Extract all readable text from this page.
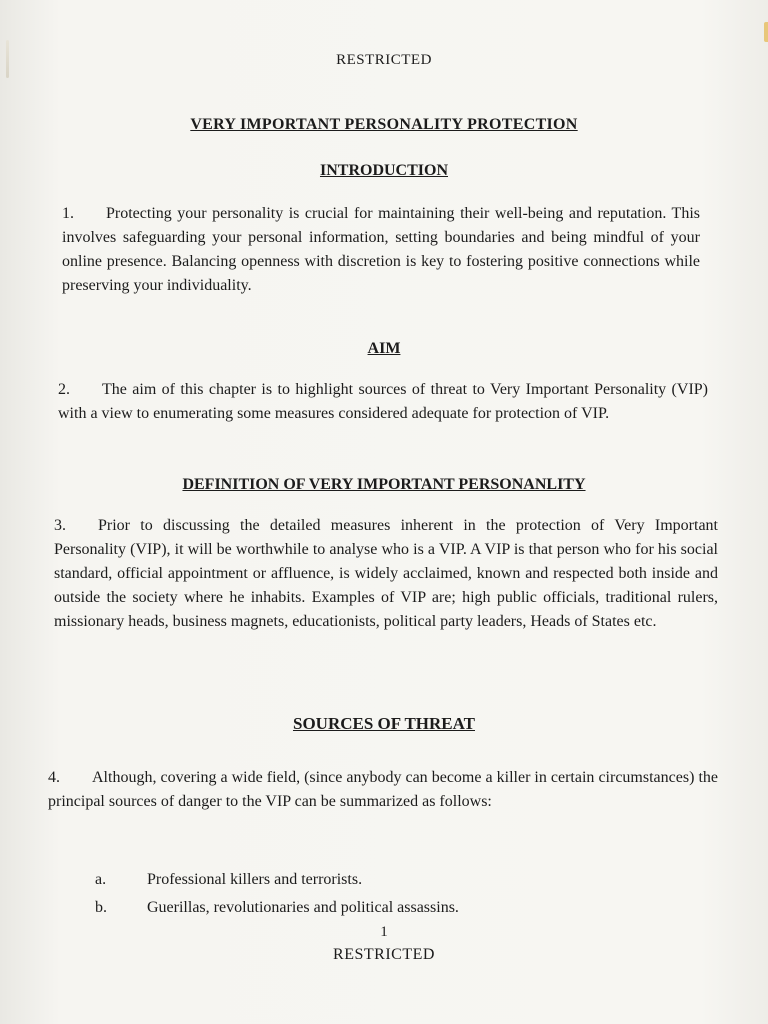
RESTRICTED
VERY IMPORTANT PERSONALITY PROTECTION
INTRODUCTION

1. Protecting your personality is crucial for maintaining their well-being and reputation. This involves safeguarding your personal information, setting boundaries and being mindful of your online presence. Balancing openness with discretion is key to fostering positive connections while preserving your individuality.

AIM

2. The aim of this chapter is to highlight sources of threat to Very Important Personality (VIP) with a view to enumerating some measures considered adequate for protection of VIP.

DEFINITION OF VERY IMPORTANT PERSONANLITY

3. Prior to discussing the detailed measures inherent in the protection of Very Important Personality (VIP), it will be worthwhile to analyse who is a VIP. A VIP is that person who for his social standard, official appointment or affluence, is widely acclaimed, known and respected both inside and outside the society where he inhabits. Examples of VIP are; high public officials, traditional rulers, missionary heads, business magnets, educationists, political party leaders, Heads of States etc.

SOURCES OF THREAT

4. Although, covering a wide field, (since anybody can become a killer in certain circumstances) the principal sources of danger to the VIP can be summarized as follows:

a.	Professional killers and terrorists.
b.	Guerillas, revolutionaries and political assassins.
1
RESTRICTED
